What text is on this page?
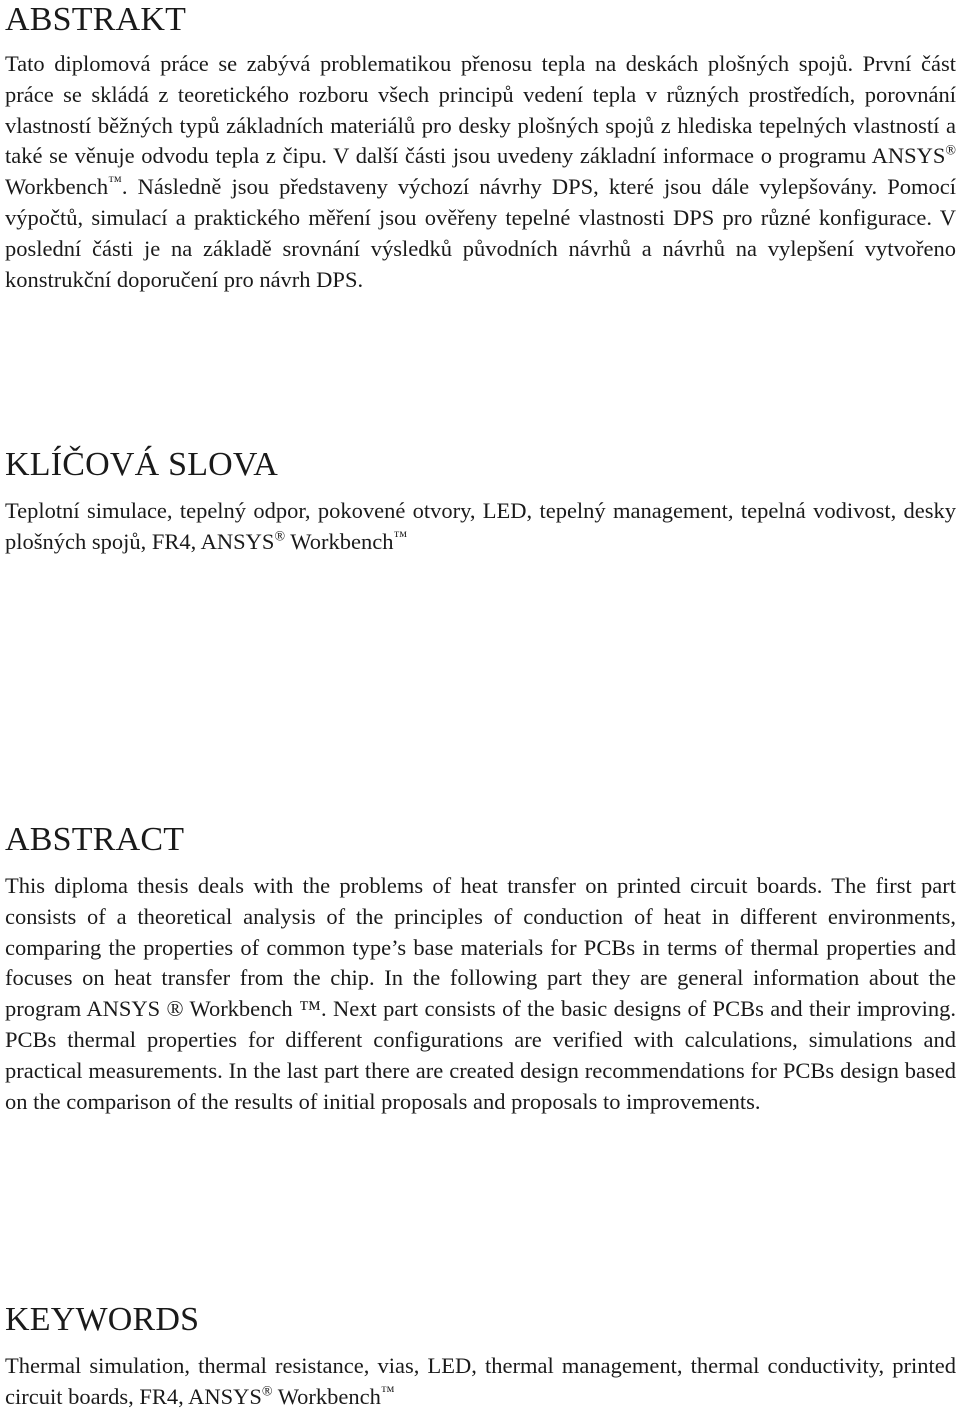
ABSTRAKT

Tato diplomová práce se zabývá problematikou přenosu tepla na deskách plošných spojů. První část práce se skládá z teoretického rozboru všech principů vedení tepla v různých prostředích, porovnání vlastností běžných typů základních materiálů pro desky plošných spojů z hlediska tepelných vlastností a také se věnuje odvodu tepla z čipu. V další části jsou uvedeny základní informace o programu ANSYS® Workbench™. Následně jsou představeny výchozí návrhy DPS, které jsou dále vylepšovány. Pomocí výpočtů, simulací a praktického měření jsou ověřeny tepelné vlastnosti DPS pro různé konfigurace. V poslední části je na základě srovnání výsledků původních návrhů a návrhů na vylepšení vytvořeno konstrukční doporučení pro návrh DPS.

KLÍČOVÁ SLOVA

Teplotní simulace, tepelný odpor, pokovené otvory, LED, tepelný management, tepelná vodivost, desky plošných spojů, FR4, ANSYS® Workbench™

ABSTRACT

This diploma thesis deals with the problems of heat transfer on printed circuit boards. The first part consists of a theoretical analysis of the principles of conduction of heat in different environments, comparing the properties of common type’s base materials for PCBs in terms of thermal properties and focuses on heat transfer from the chip. In the following part they are general information about the program ANSYS ® Workbench ™. Next part consists of the basic designs of PCBs and their improving. PCBs thermal properties for different configurations are verified with calculations, simulations and practical measurements. In the last part there are created design recommendations for PCBs design based on the comparison of the results of initial proposals and proposals to improvements.

KEYWORDS

Thermal simulation, thermal resistance, vias, LED, thermal management, thermal conductivity, printed circuit boards, FR4, ANSYS® Workbench™
